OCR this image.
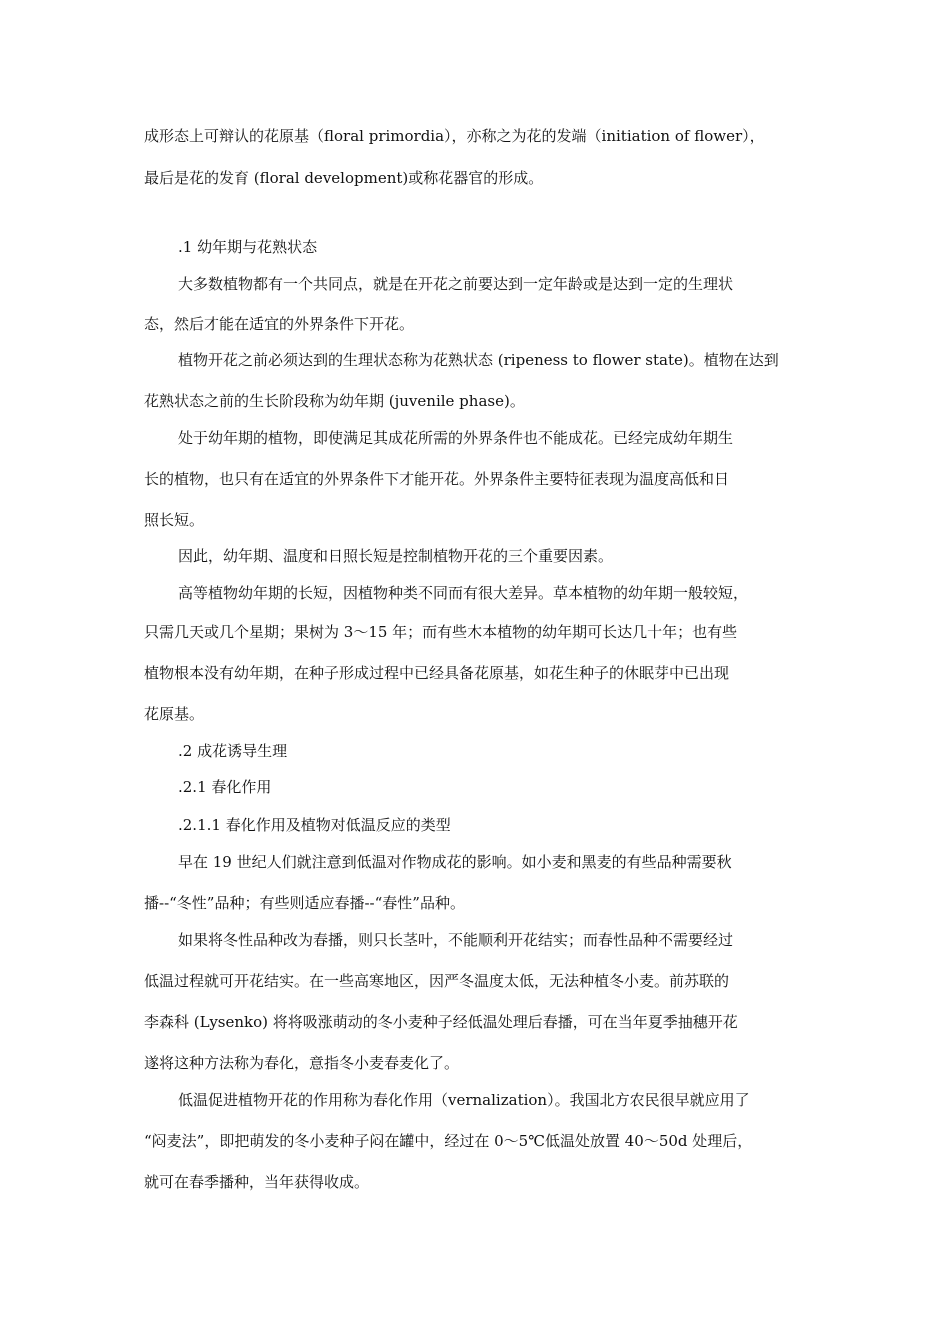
成形态上可辩认的花原基（floral primordia），亦称之为花的发端（initiation of flower），
最后是花的发育 (floral development)或称花器官的形成。
.1 幼年期与花熟状态
大多数植物都有一个共同点，就是在开花之前要达到一定年龄或是达到一定的生理状
态，然后才能在适宜的外界条件下开花。
植物开花之前必须达到的生理状态称为花熟状态 (ripeness to flower state)。植物在达到
花熟状态之前的生长阶段称为幼年期 (juvenile phase)。
处于幼年期的植物，即使满足其成花所需的外界条件也不能成花。已经完成幼年期生
长的植物，也只有在适宜的外界条件下才能开花。外界条件主要特征表现为温度高低和日
照长短。
因此，幼年期、温度和日照长短是控制植物开花的三个重要因素。
高等植物幼年期的长短，因植物种类不同而有很大差异。草本植物的幼年期一般较短，
只需几天或几个星期；果树为 3～15 年；而有些木本植物的幼年期可长达几十年；也有些
植物根本没有幼年期，在种子形成过程中已经具备花原基，如花生种子的休眠芽中已出现
花原基。
.2 成花诱导生理
.2.1 春化作用
.2.1.1 春化作用及植物对低温反应的类型
早在 19 世纪人们就注意到低温对作物成花的影响。如小麦和黑麦的有些品种需要秋
播--“冬性”品种；有些则适应春播--“春性”品种。
如果将冬性品种改为春播，则只长茎叶，不能顺利开花结实；而春性品种不需要经过
低温过程就可开花结实。在一些高寒地区，因严冬温度太低，无法种植冬小麦。前苏联的
李森科 (Lysenko) 将将吸涨萌动的冬小麦种子经低温处理后春播，可在当年夏季抽穗开花
遂将这种方法称为春化，意指冬小麦春麦化了。
低温促进植物开花的作用称为春化作用（vernalization）。我国北方农民很早就应用了
“闷麦法”，即把萌发的冬小麦种子闷在罐中，经过在 0～5℃低温处放置 40～50d 处理后，
就可在春季播种，当年获得收成。
